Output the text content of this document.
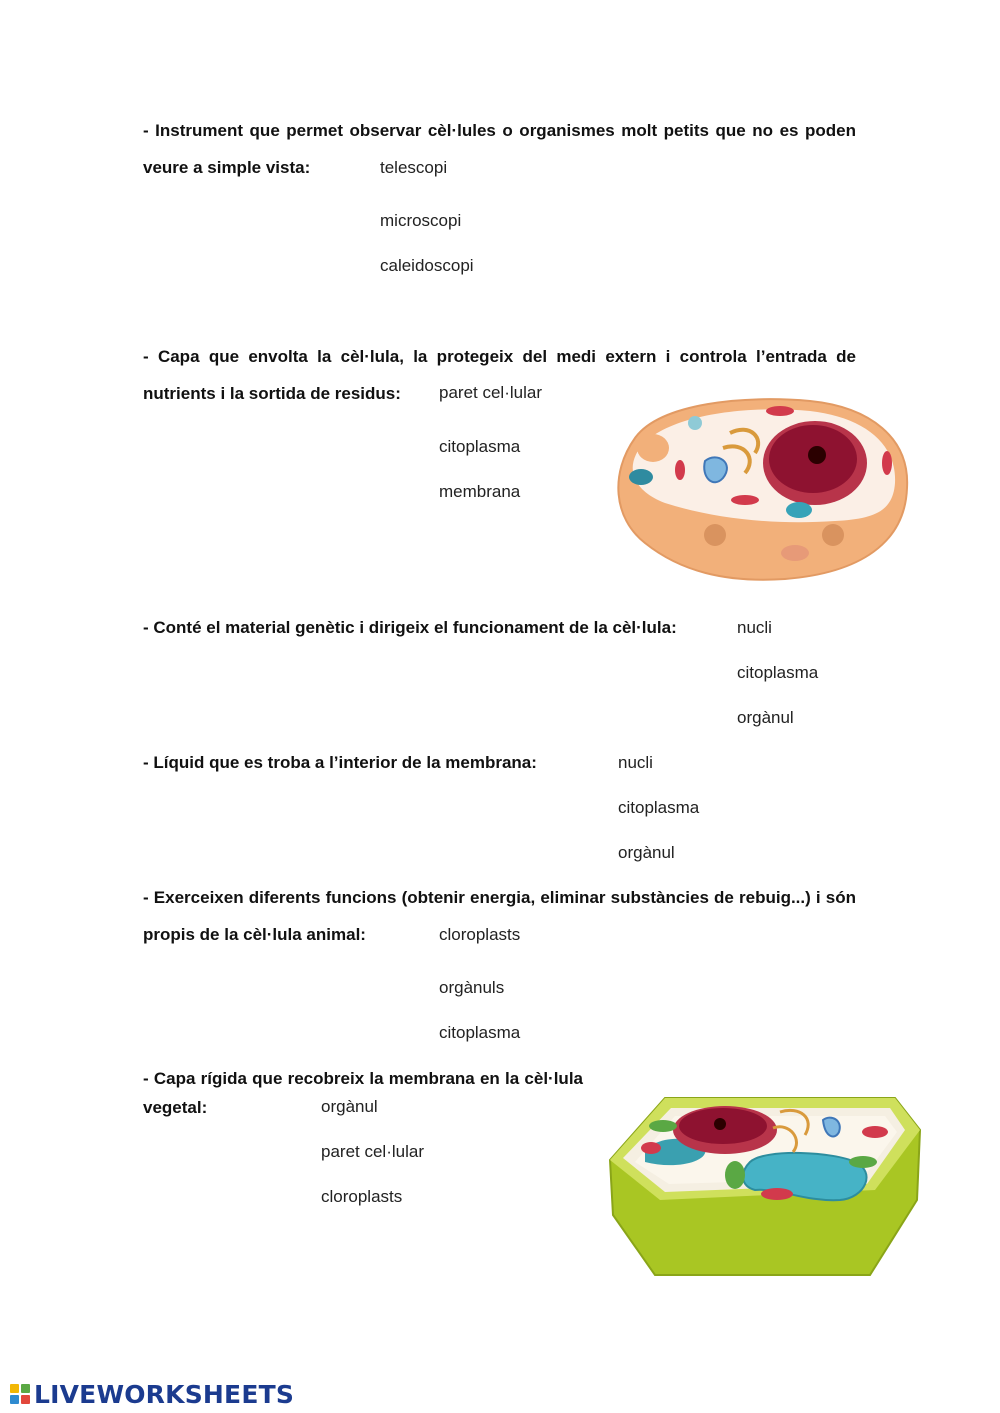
- Instrument que permet observar cèl·lules o organismes molt petits que no es poden veure a simple vista:	telescopi
microscopi
caleidoscopi
- Capa que envolta la cèl·lula, la protegeix del medi extern i controla l’entrada de nutrients i la sortida de residus:	paret cel·lular
citoplasma
membrana
- Conté el material genètic i dirigeix el funcionament de la cèl·lula:	nucli
citoplasma
orgànul
- Líquid que es troba a l’interior de la membrana:	nucli
citoplasma
orgànul
- Exerceixen diferents funcions (obtenir energia, eliminar substàncies de rebuig...) i són propis de la cèl·lula animal:	cloroplasts
orgànuls
citoplasma
- Capa rígida que recobreix la membrana en la cèl·lula vegetal:	orgànul
paret cel·lular
cloroplasts
LIVEWORKSHEETS
